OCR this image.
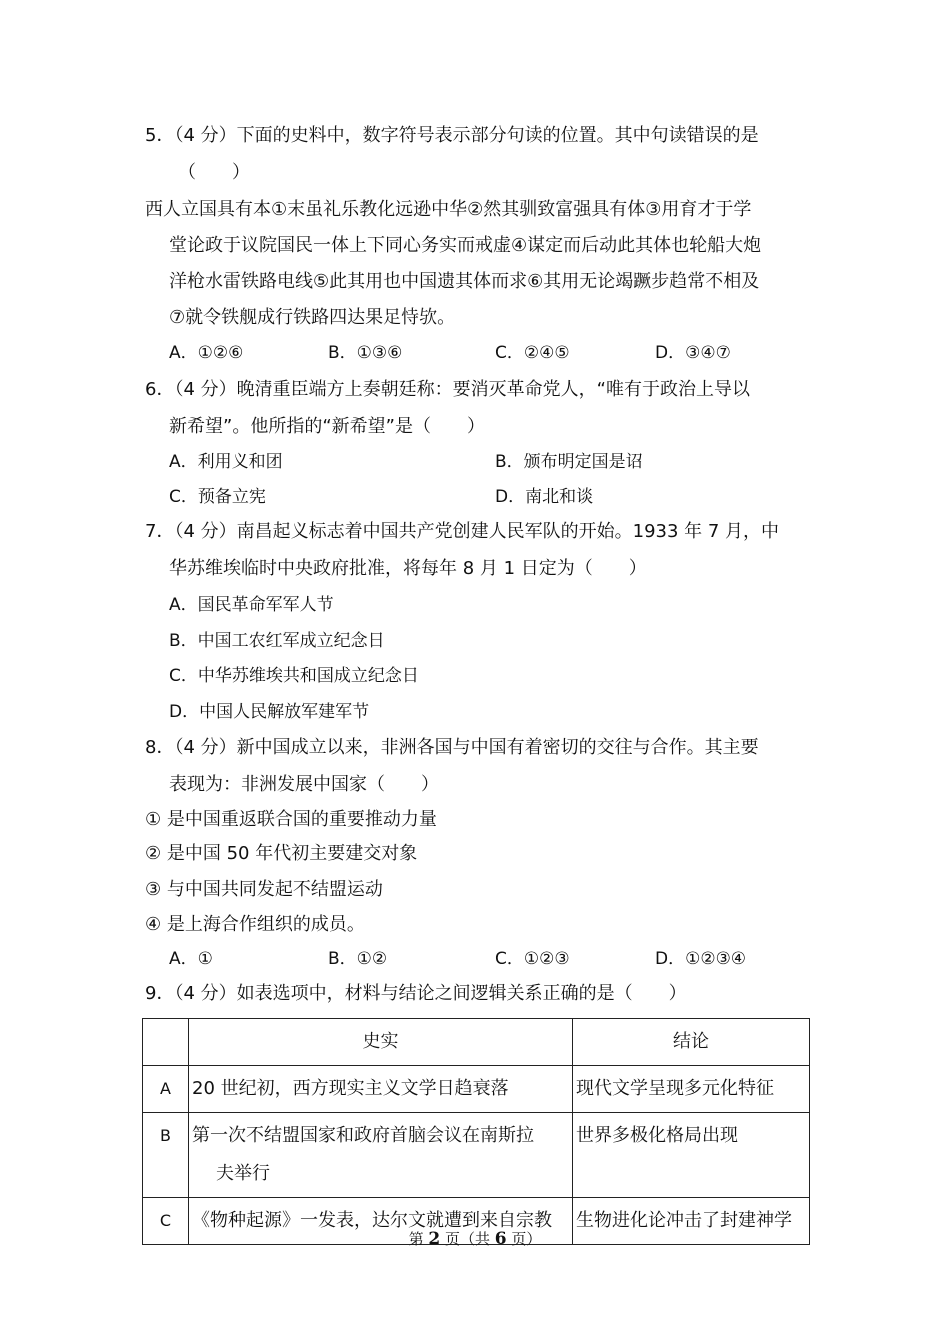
5．（4 分）下面的史料中，数字符号表示部分句读的位置。其中句读错误的是
（　　）
西人立国具有本①末虽礼乐教化远逊中华②然其驯致富强具有体③用育才于学
堂论政于议院国民一体上下同心务实而戒虚④谋定而后动此其体也轮船大炮
洋枪水雷铁路电线⑤此其用也中国遗其体而求⑥其用无论竭蹶步趋常不相及
⑦就令铁舰成行铁路四达果足恃欤。
A．①②⑥	B．①③⑥	C．②④⑤	D．③④⑦
6．（4 分）晚清重臣端方上奏朝廷称：要消灭革命党人，“唯有于政治上导以
新希望”。他所指的“新希望”是（　　）
A．利用义和团	B．颁布明定国是诏
C．预备立宪	D．南北和谈
7．（4 分）南昌起义标志着中国共产党创建人民军队的开始。1933 年 7 月，中
华苏维埃临时中央政府批准，将每年 8 月 1 日定为（　　）
A．国民革命军军人节
B．中国工农红军成立纪念日
C．中华苏维埃共和国成立纪念日
D．中国人民解放军建军节
8．（4 分）新中国成立以来，非洲各国与中国有着密切的交往与合作。其主要
表现为：非洲发展中国家（　　）
① 是中国重返联合国的重要推动力量
② 是中国 50 年代初主要建交对象
③ 与中国共同发起不结盟运动
④ 是上海合作组织的成员。
A．①	B．①②	C．①②③	D．①②③④
9．（4 分）如表选项中，材料与结论之间逻辑关系正确的是（　　）
	史实	结论
A	20 世纪初，西方现实主义文学日趋衰落	现代文学呈现多元化特征
B	第一次不结盟国家和政府首脑会议在南斯拉
夫举行	世界多极化格局出现
C	《物种起源》一发表，达尔文就遭到来自宗教	生物进化论冲击了封建神学
第 2 页（共 6 页）
